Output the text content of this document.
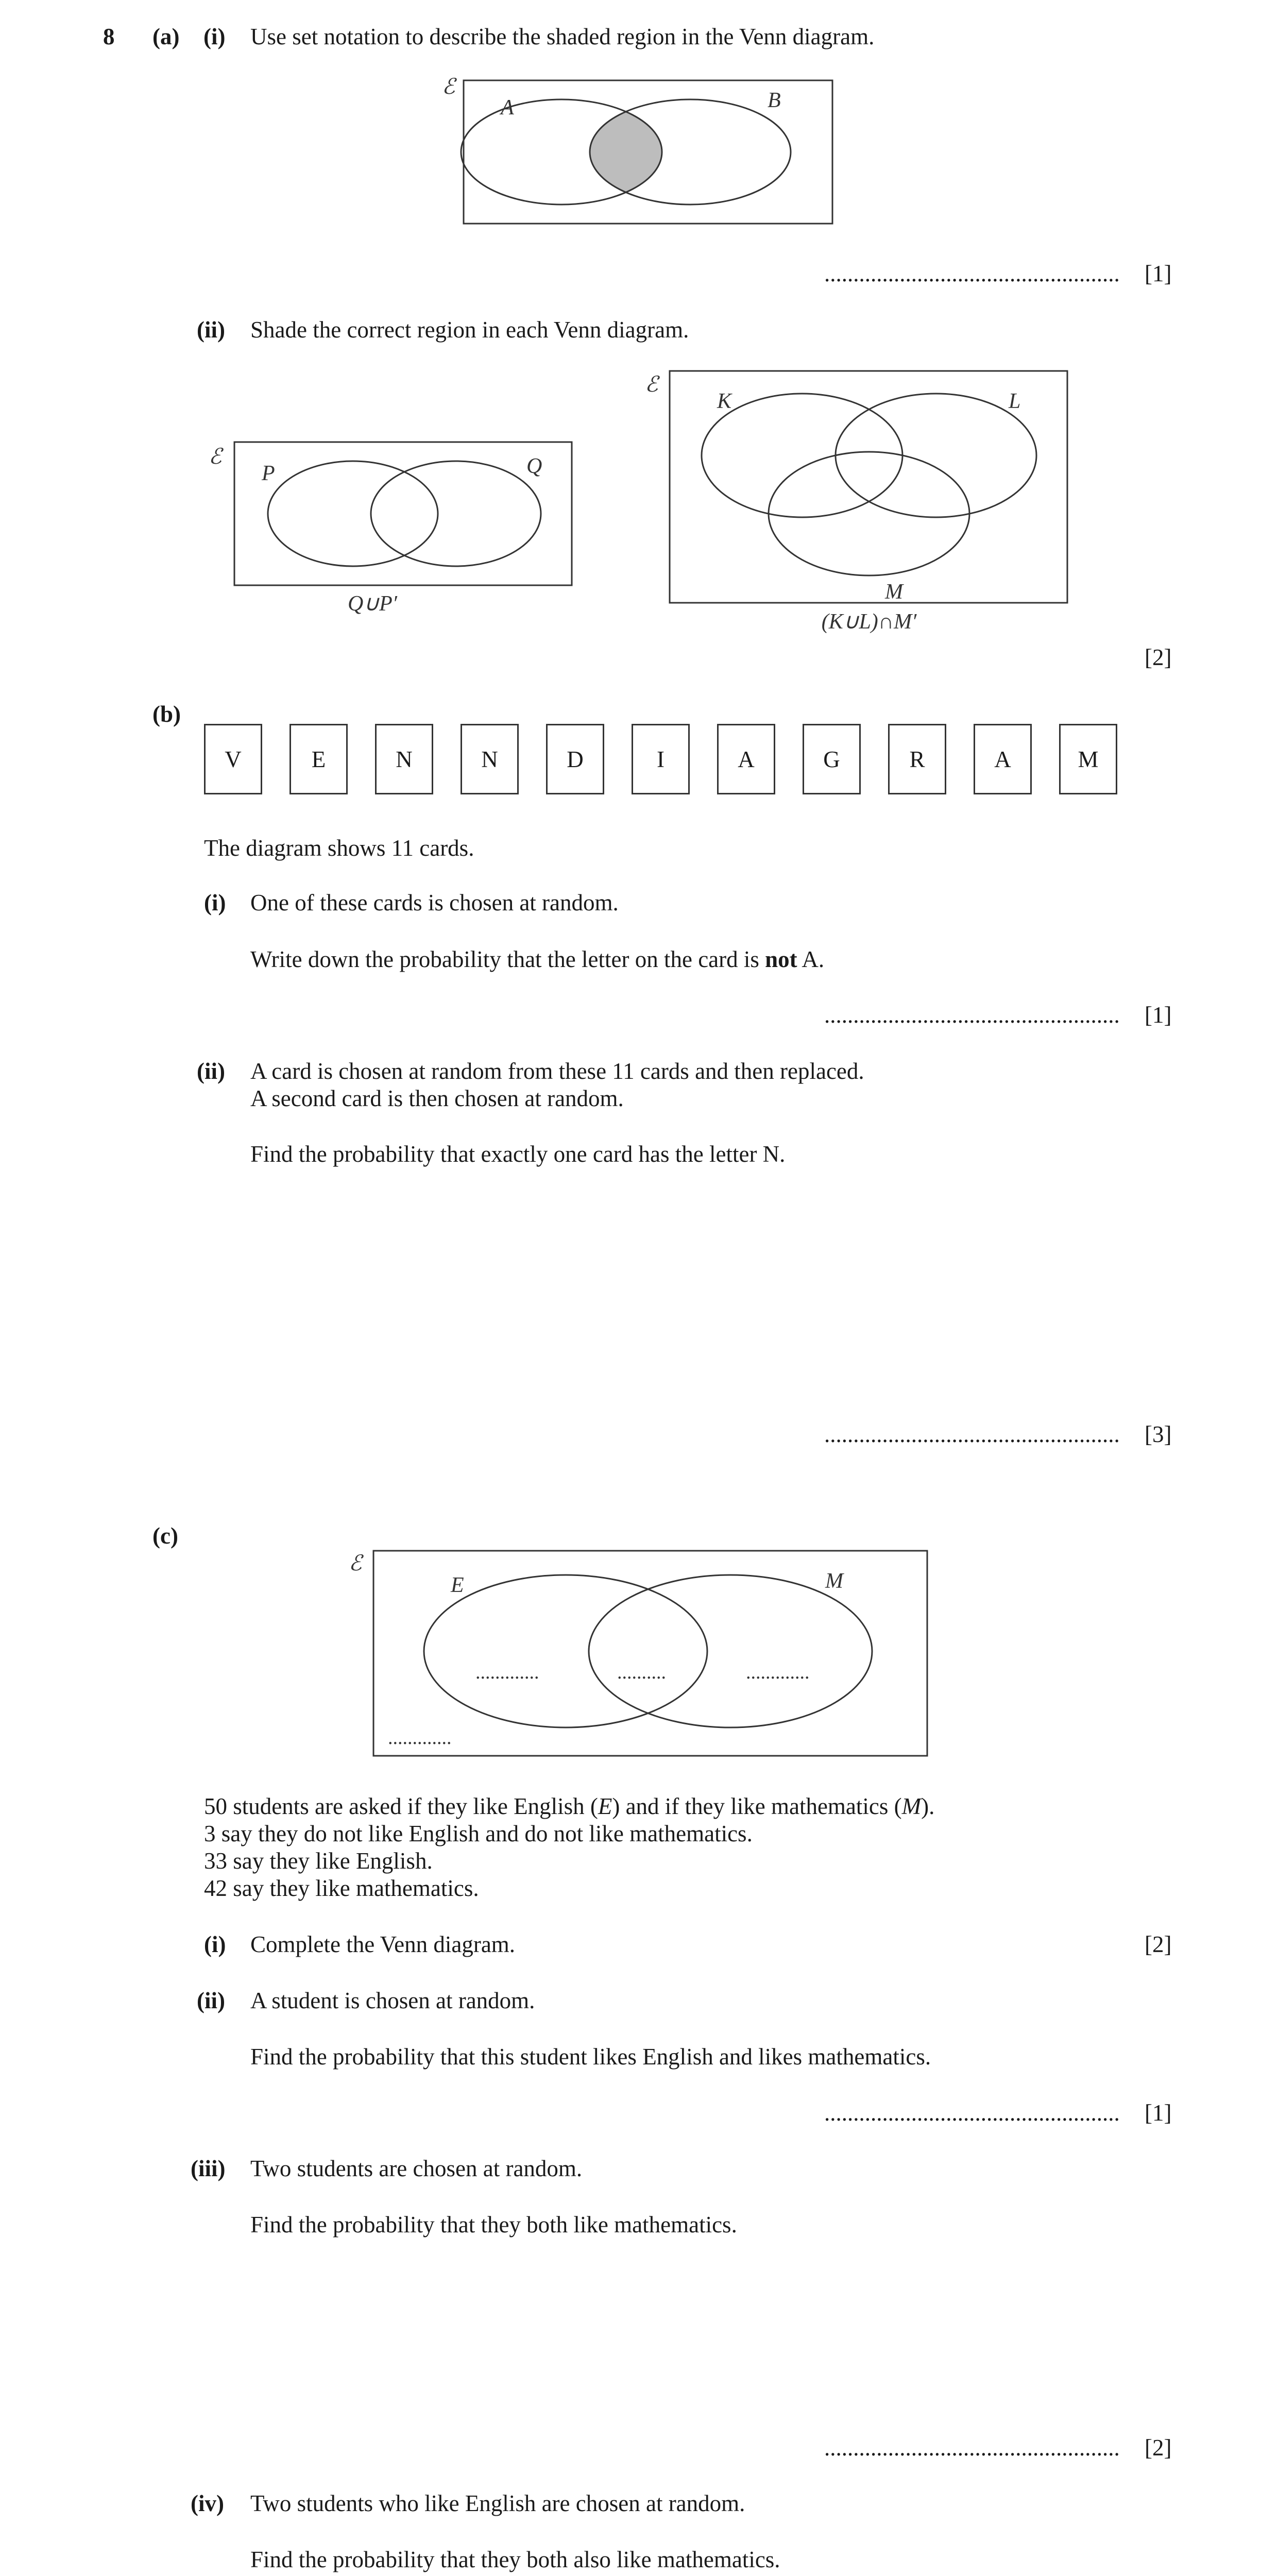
8 (a) (i) Use set notation to describe the shaded region in the Venn diagram.
ℰ
A	B
................................................... [1]
(ii) Shade the correct region in each Venn diagram.
ℰ
P	Q
Q∪P′
ℰ
K	L
M
(K∪L)∩M′
[2]
(b)
V	E	N	N	D	I	A	G	R	A	M
The diagram shows 11 cards.
(i) One of these cards is chosen at random.
Write down the probability that the letter on the card is not A.
................................................... [1]
(ii) A card is chosen at random from these 11 cards and then replaced.
A second card is then chosen at random.
Find the probability that exactly one card has the letter N.
................................................... [3]
(c)
ℰ
E	M
.............	..........	.............
.............
50 students are asked if they like English (E) and if they like mathematics (M).
3 say they do not like English and do not like mathematics.
33 say they like English.
42 say they like mathematics.
(i) Complete the Venn diagram.	[2]
(ii) A student is chosen at random.
Find the probability that this student likes English and likes mathematics.
................................................... [1]
(iii) Two students are chosen at random.
Find the probability that they both like mathematics.
................................................... [2]
(iv) Two students who like English are chosen at random.
Find the probability that they both also like mathematics.
